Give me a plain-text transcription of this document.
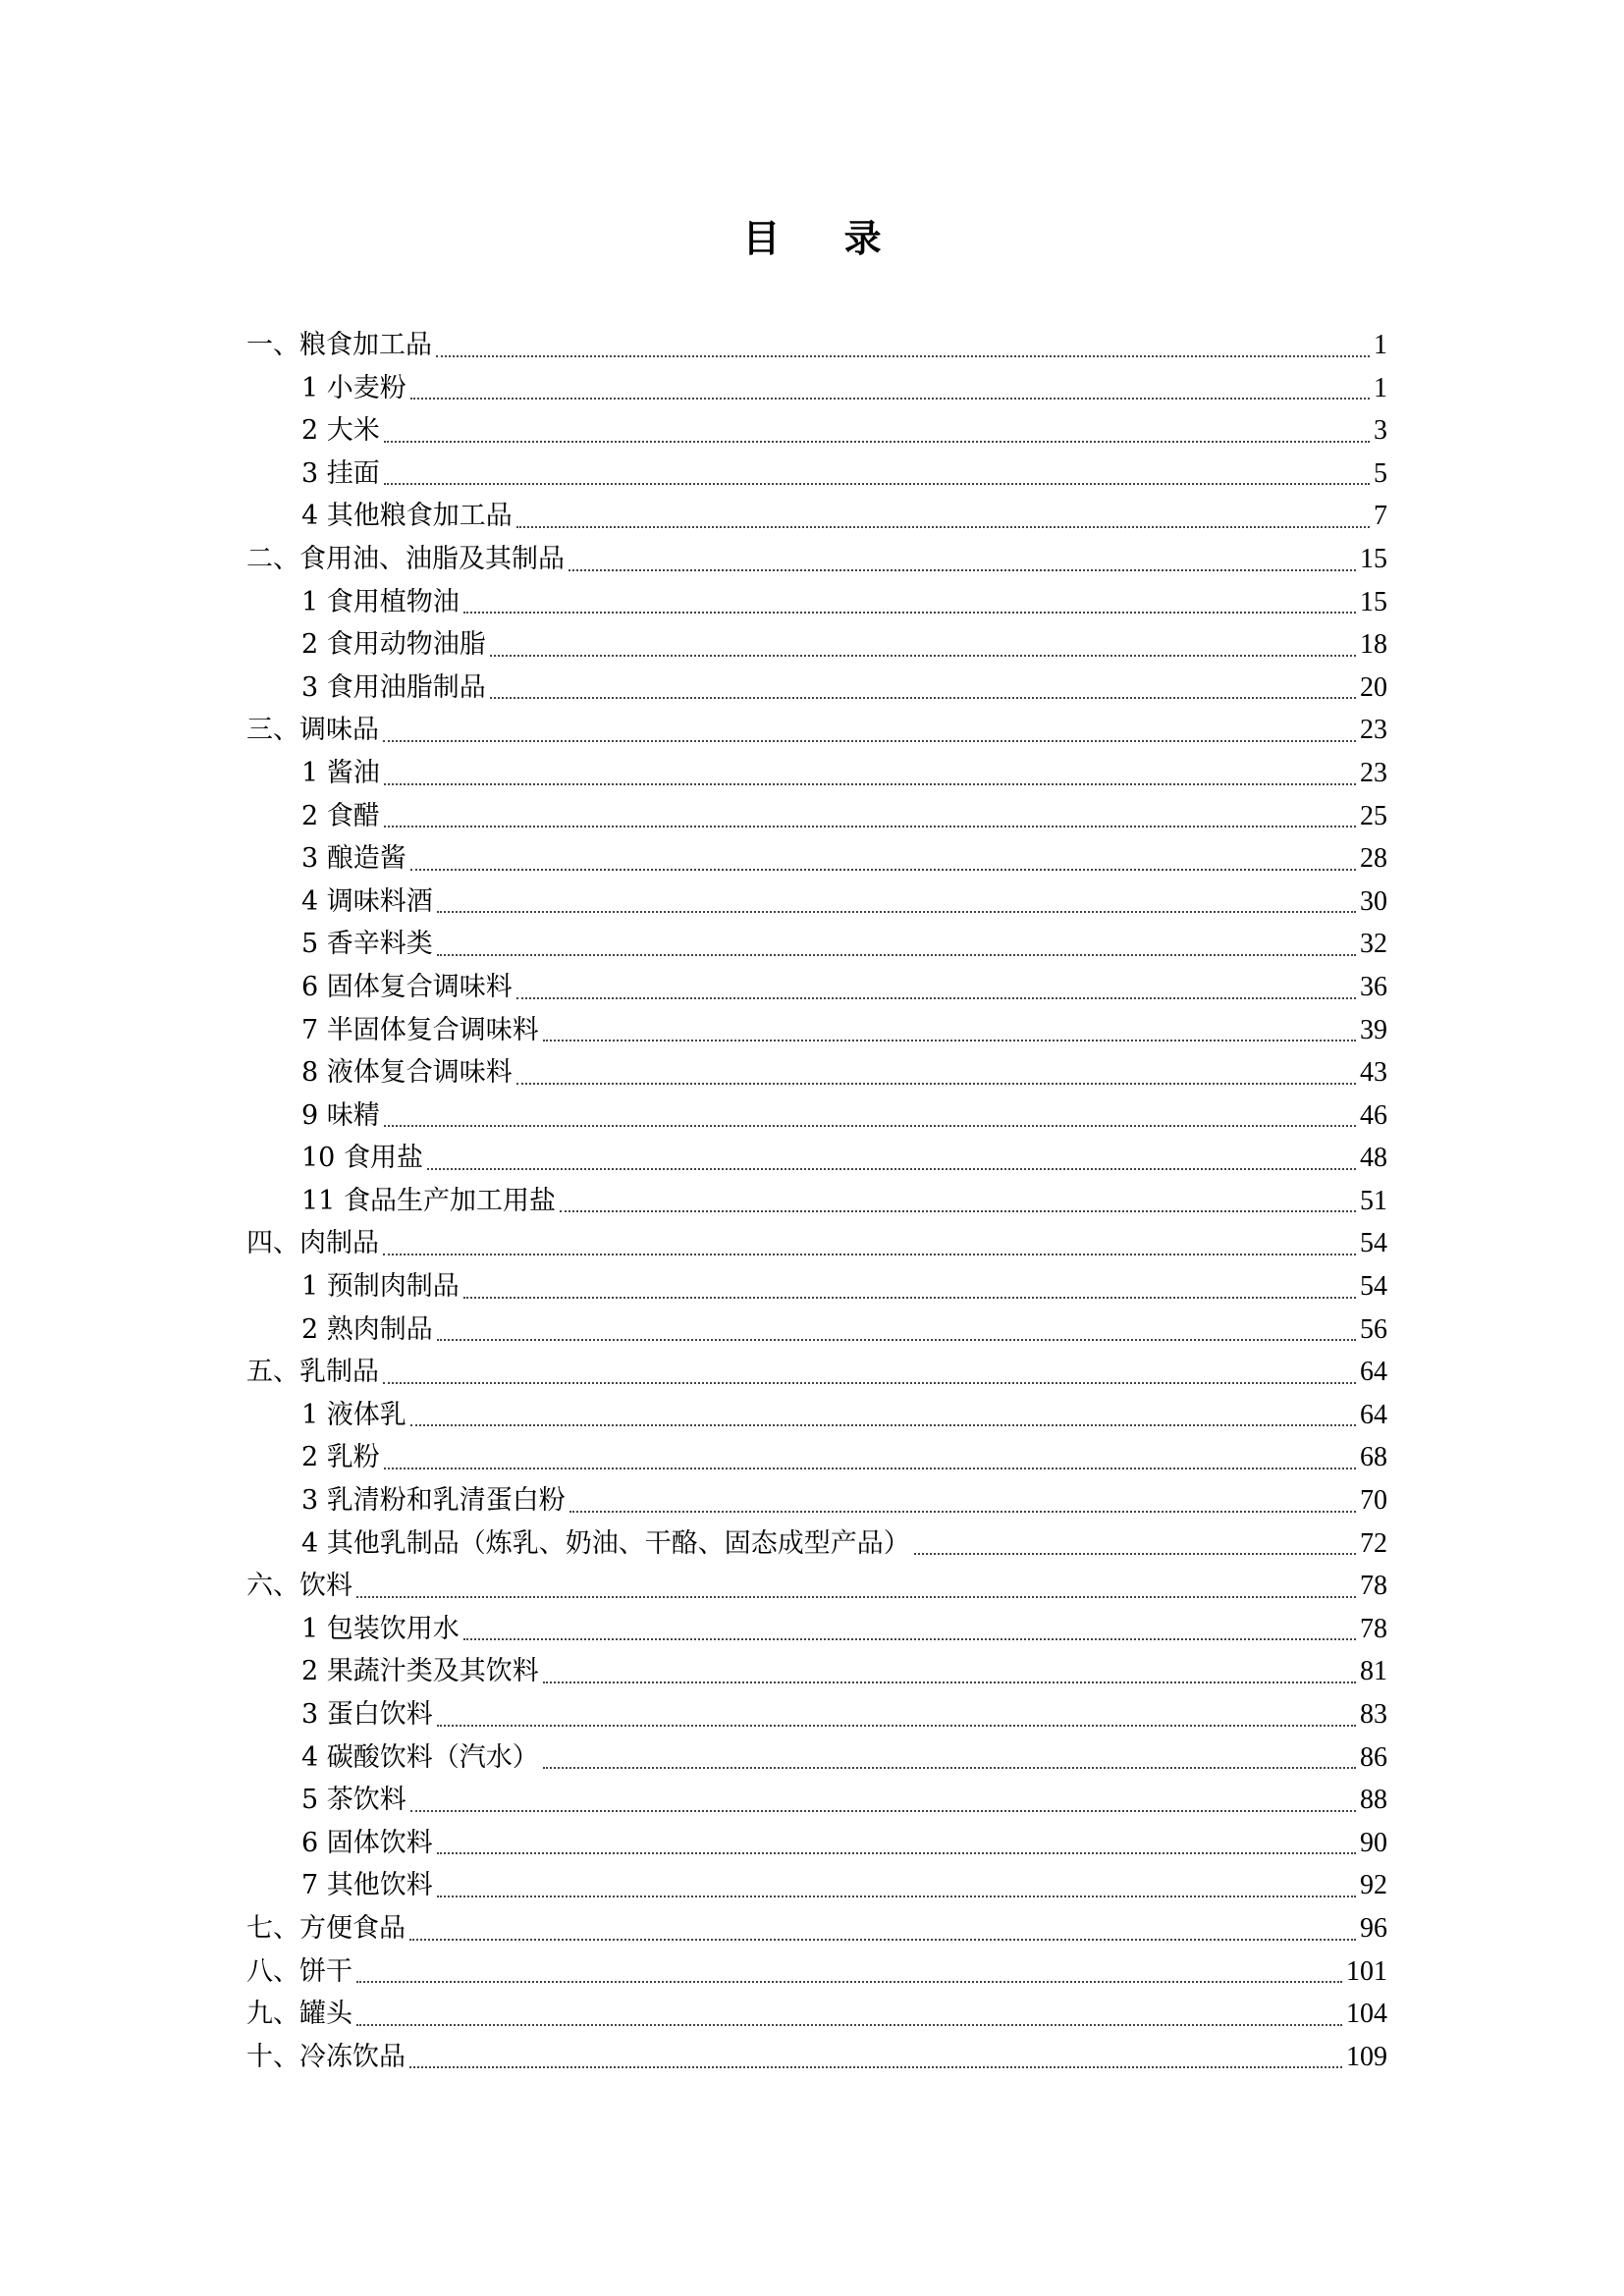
目 录
一、粮食加工品	1
1 小麦粉	1
2 大米	3
3 挂面	5
4 其他粮食加工品	7
二、食用油、油脂及其制品	15
1 食用植物油	15
2 食用动物油脂	18
3 食用油脂制品	20
三、调味品	23
1 酱油	23
2 食醋	25
3 酿造酱	28
4 调味料酒	30
5 香辛料类	32
6 固体复合调味料	36
7 半固体复合调味料	39
8 液体复合调味料	43
9 味精	46
10 食用盐	48
11 食品生产加工用盐	51
四、肉制品	54
1 预制肉制品	54
2 熟肉制品	56
五、乳制品	64
1 液体乳	64
2 乳粉	68
3 乳清粉和乳清蛋白粉	70
4 其他乳制品（炼乳、奶油、干酪、固态成型产品）	72
六、饮料	78
1 包装饮用水	78
2 果蔬汁类及其饮料	81
3 蛋白饮料	83
4 碳酸饮料（汽水）	86
5 茶饮料	88
6 固体饮料	90
7 其他饮料	92
七、方便食品	96
八、饼干	101
九、罐头	104
十、冷冻饮品	109
